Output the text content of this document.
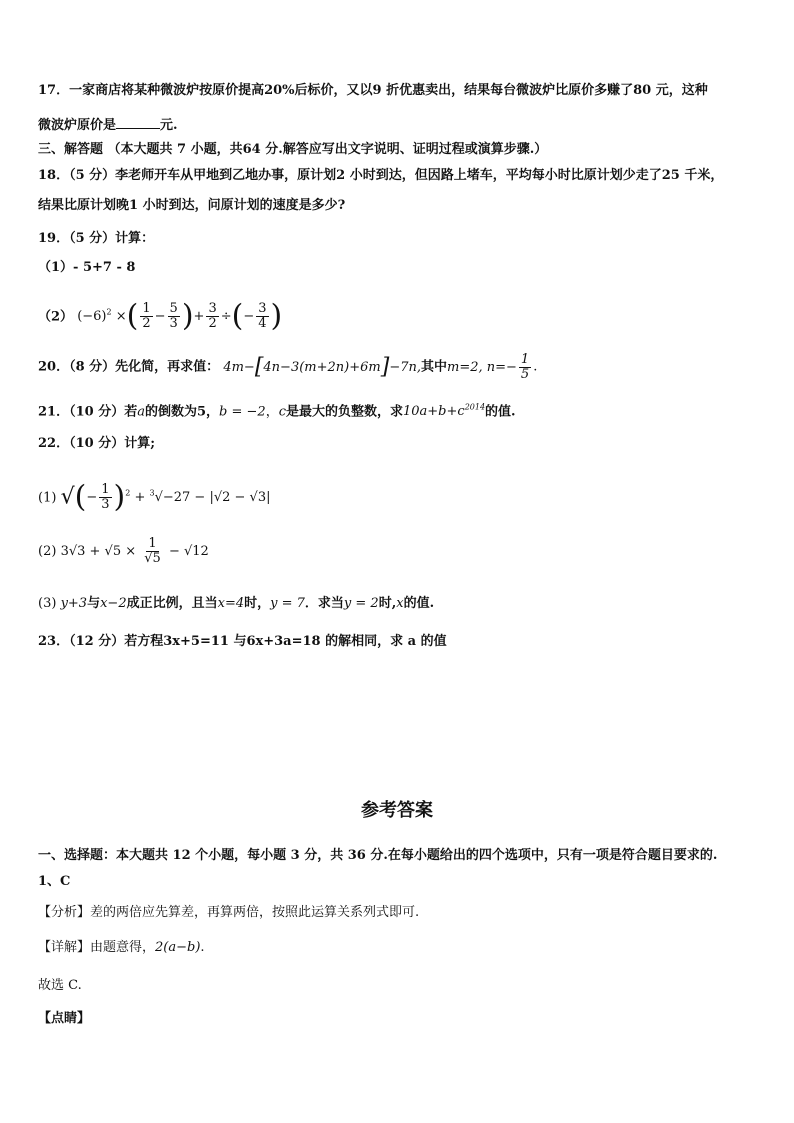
17．一家商店将某种微波炉按原价提高20%后标价，又以9 折优惠卖出，结果每台微波炉比原价多赚了80 元，这种
微波炉原价是	元.
三、解答题 （本大题共 7 小题，共64 分.解答应写出文字说明、证明过程或演算步骤.）
18．（5 分）李老师开车从甲地到乙地办事，原计划2 小时到达，但因路上堵车，平均每小时比原计划少走了25 千米，
结果比原计划晚1 小时到达，问原计划的速度是多少?
19．（5 分）计算：
（1）- 5+7 - 8
（2） $(-6)^2$ ×( $\frac{1}{2} - \frac{5}{3}$ )+ $\frac{3}{2}$ ÷(− $\frac{3}{4}$ )
20．（8 分）先化简，再求值： 4m−[4n−3(m+2n)+6m]−7n,其中m=2, $n=- \frac{1}{5}$ .
21．（10 分）若a的倒数为5，b = −2，c是最大的负整数，求$10a+b+c^{2014}$的值.
22．（10 分）计算;
(1) √(− $\frac{1}{3} )^2 + ^3√-27 - |√2 - √3|$
(2) $3√3 + √5 \times \frac{1}{√5} - √12$
(3) y+3与x−2成正比例，且当x=4时，y = 7．求当y = 2时,x的值.
23．（12 分）若方程3x+5=11 与6x+3a=18 的解相同，求 a 的值
参考答案
一、选择题：本大题共 12 个小题，每小题 3 分，共 36 分.在每小题给出的四个选项中，只有一项是符合题目要求的.
1、C
【分析】差的两倍应先算差，再算两倍，按照此运算关系列式即可.
【详解】由题意得，2(a−b).
故选 C.
【点睛】
